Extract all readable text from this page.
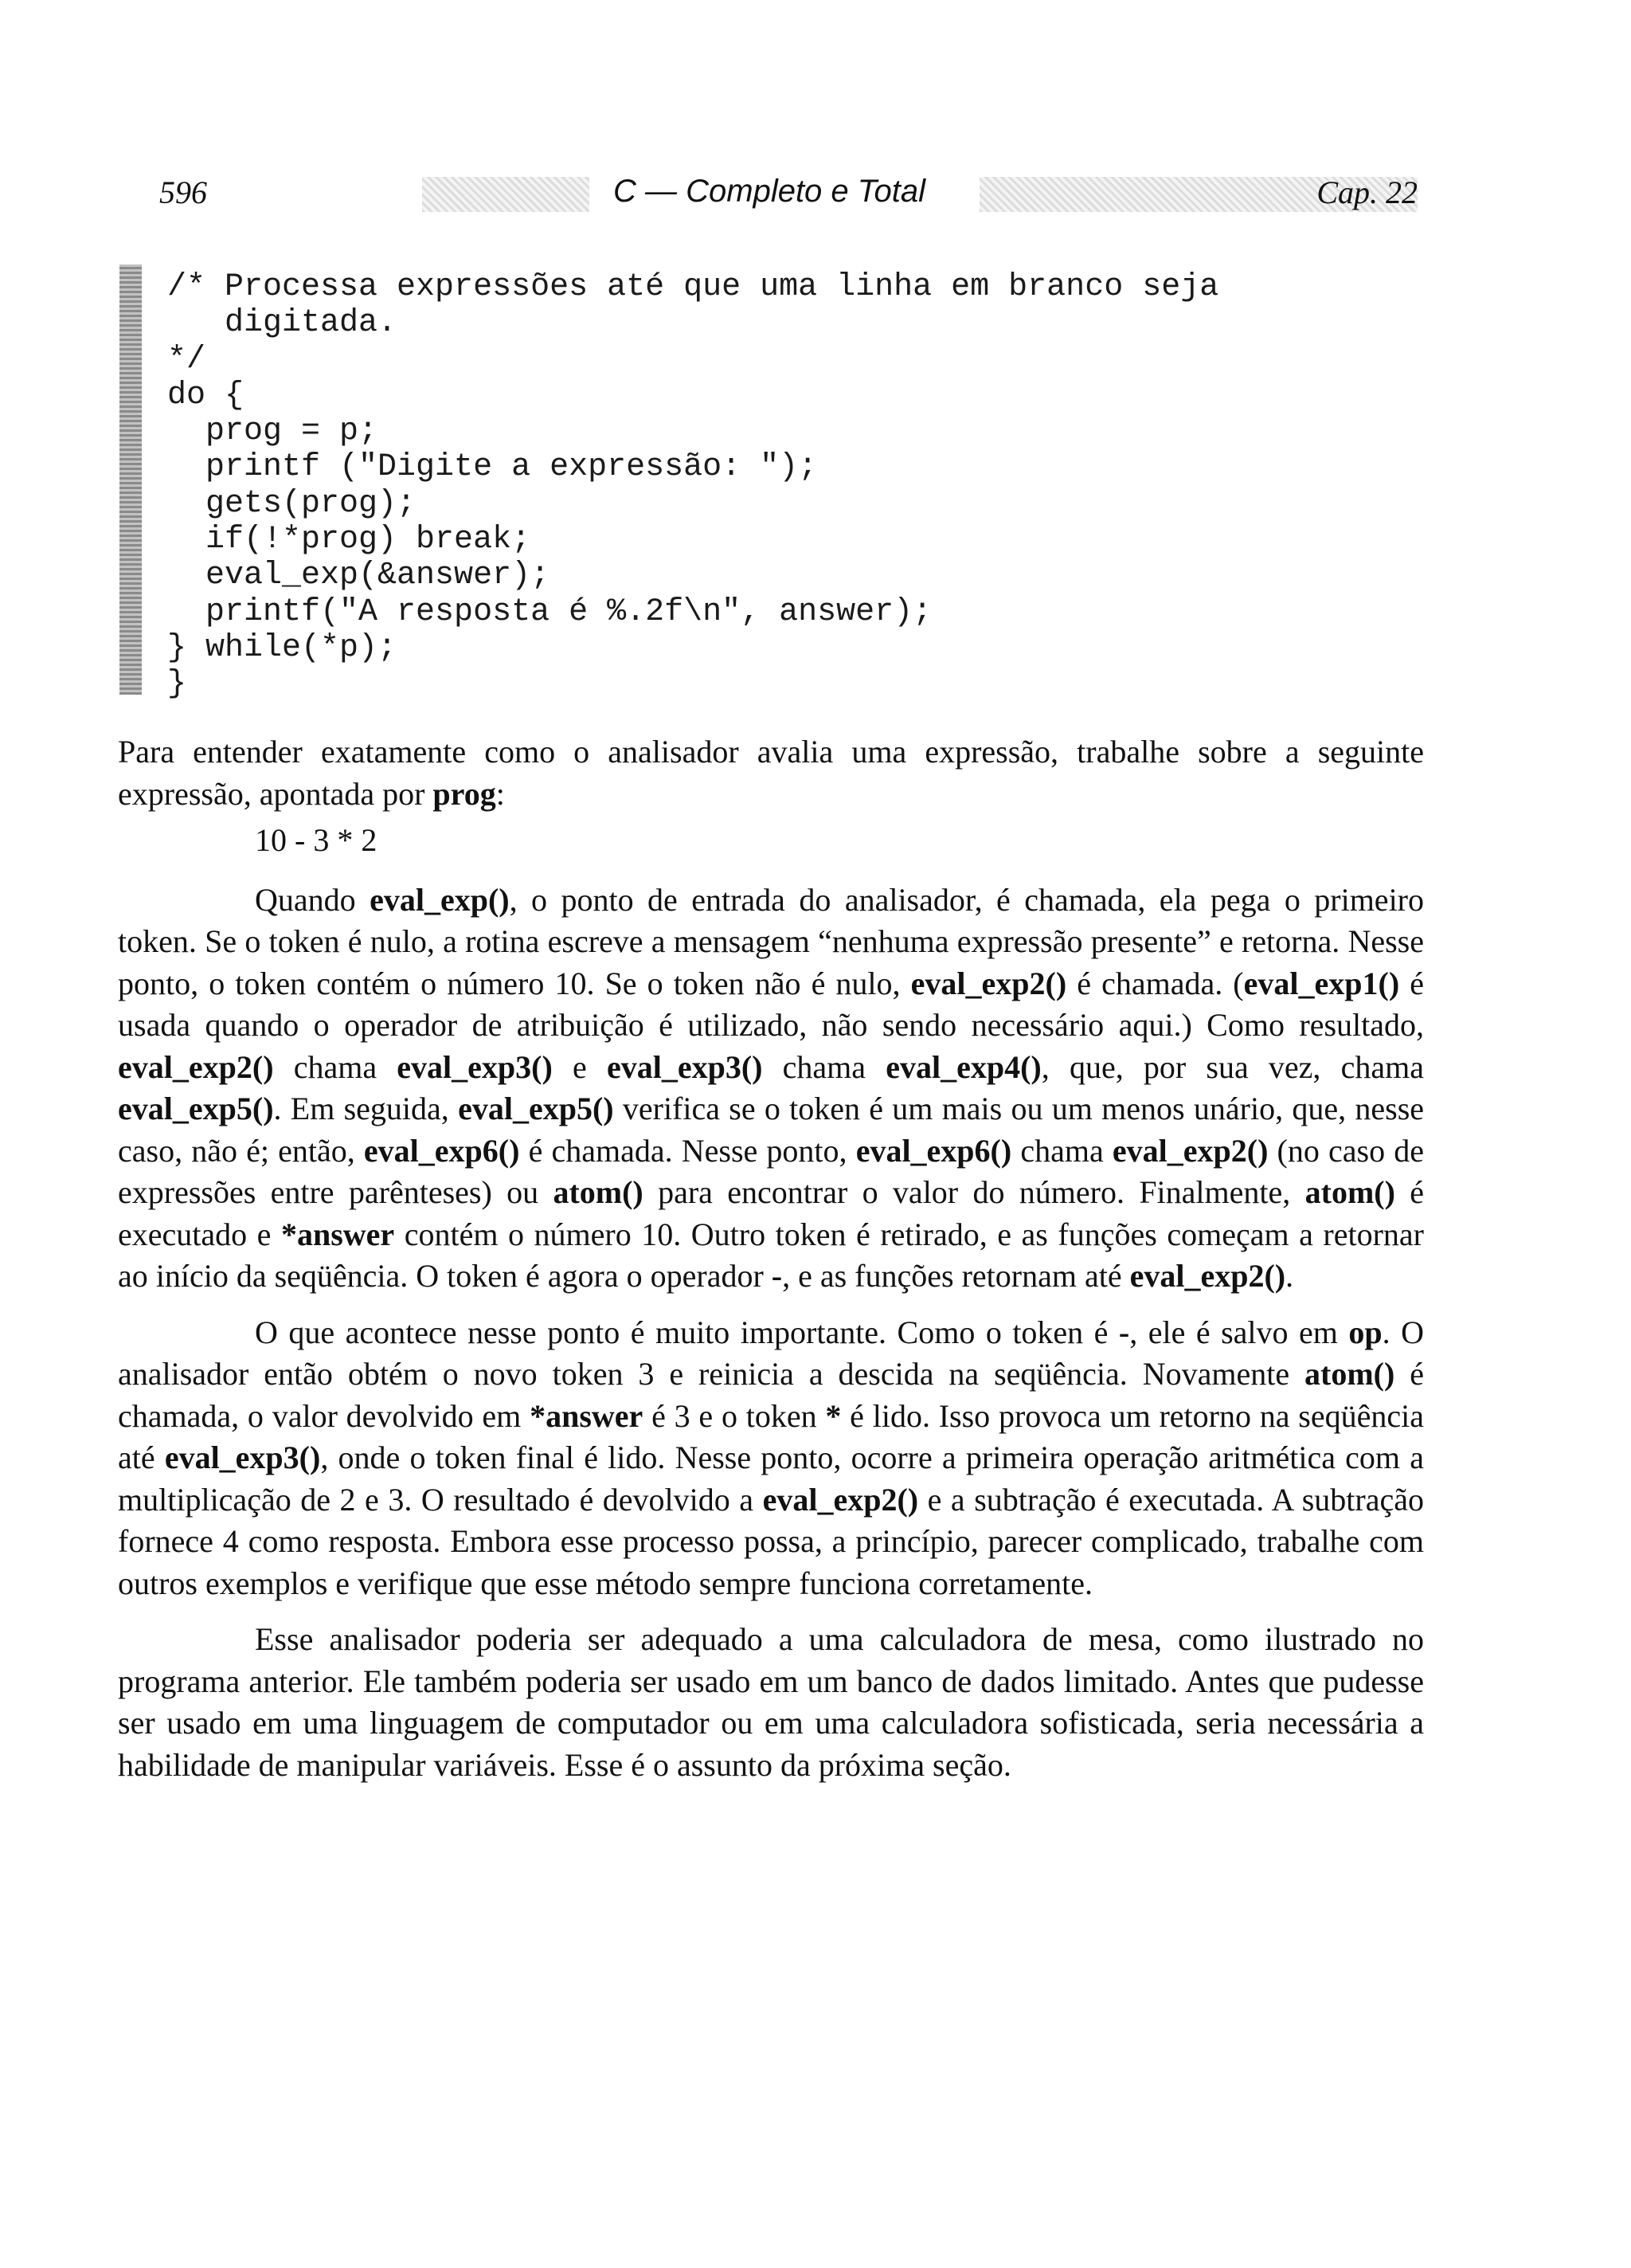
596	C — Completo e Total	Cap. 22
/* Processa expressões até que uma linha em branco seja
digitada.
*/
do {
prog = p;
printf ("Digite a expressão: ");
gets(prog);
if(!*prog) break;
eval_exp(&answer);
printf("A resposta é %.2f\n", answer);
} while(*p);
}

Para entender exatamente como o analisador avalia uma expressão, trabalhe sobre a seguinte expressão, apontada por prog:

10 - 3 * 2

Quando eval_exp(), o ponto de entrada do analisador, é chamada, ela pega o primeiro token. Se o token é nulo, a rotina escreve a mensagem “nenhuma expressão presente” e retorna. Nesse ponto, o token contém o número 10. Se o token não é nulo, eval_exp2() é chamada. (eval_exp1() é usada quando o operador de atribuição é utilizado, não sendo necessário aqui.) Como resultado, eval_exp2() chama eval_exp3() e eval_exp3() chama eval_exp4(), que, por sua vez, chama eval_exp5(). Em seguida, eval_exp5() verifica se o token é um mais ou um menos unário, que, nesse caso, não é; então, eval_exp6() é chamada. Nesse ponto, eval_exp6() chama eval_exp2() (no caso de expressões entre parênteses) ou atom() para encontrar o valor do número. Finalmente, atom() é executado e *answer contém o número 10. Outro token é retirado, e as funções começam a retornar ao início da seqüência. O token é agora o operador -, e as funções retornam até eval_exp2().

O que acontece nesse ponto é muito importante. Como o token é -, ele é salvo em op. O analisador então obtém o novo token 3 e reinicia a descida na seqüência. Novamente atom() é chamada, o valor devolvido em *answer é 3 e o token * é lido. Isso provoca um retorno na seqüência até eval_exp3(), onde o token final é lido. Nesse ponto, ocorre a primeira operação aritmética com a multiplicação de 2 e 3. O resultado é devolvido a eval_exp2() e a subtração é executada. A subtração fornece 4 como resposta. Embora esse processo possa, a princípio, parecer complicado, trabalhe com outros exemplos e verifique que esse método sempre funciona corretamente.

Esse analisador poderia ser adequado a uma calculadora de mesa, como ilustrado no programa anterior. Ele também poderia ser usado em um banco de dados limitado. Antes que pudesse ser usado em uma linguagem de computador ou em uma calculadora sofisticada, seria necessária a habilidade de manipular variáveis. Esse é o assunto da próxima seção.
